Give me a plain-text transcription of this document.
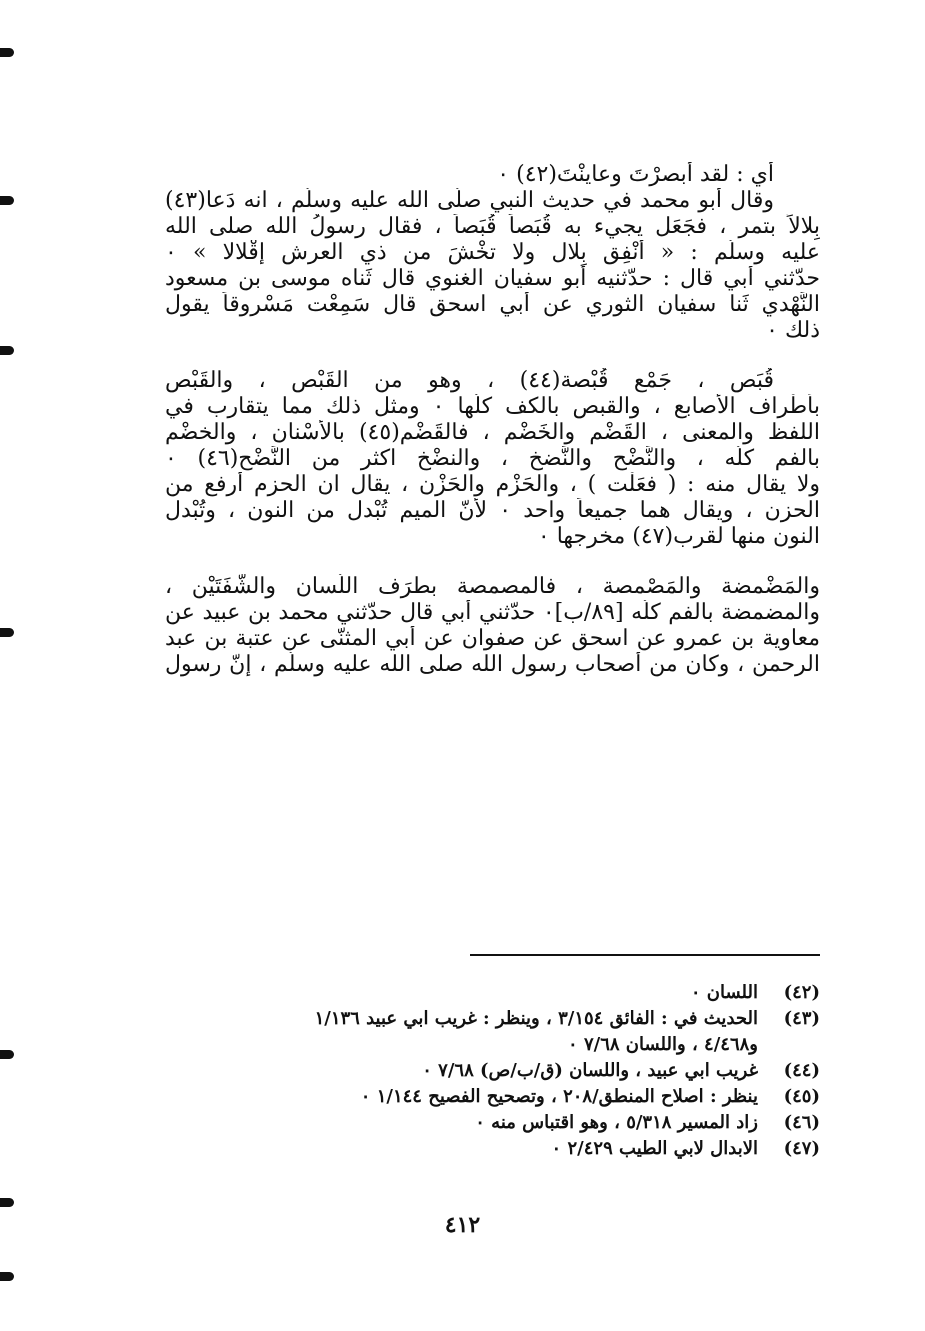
أي : لقد أبصرْتَ وعاينْتَ(٤٢) ٠
وقال أبو محمد في حديث النبي صلّى الله عليه وسلّم ، انه دَعا(٤٣)
بِلالاً بتمر ، فجَعَل يجيء به قُبَصاً قُبَصاً ، فقال رسولُ الله صلى الله
عليه وسلّم : « أنْفِق بِلال ولا تخْشَ من ذي العرش إقْلالا » ٠
حدّثني أبي قال : حدّثنيه أبو سفيان الغنوي قال ثَناه موسى بن مسعود
النَّهْدي ثَنا سفيان الثوري عن أبي اسحق قال سَمِعْت مَسْروقاً يقول
ذلك ٠
قُبَص ، جَمْع قُبْصة(٤٤) ، وهو من القَبْص ، والقَبْص
بأطْراف الأصابع ، والقبص بالكف كلّها ٠ ومثل ذلك مما يتقارب في
اللفظ والمعنى ، القَضْم والخَضْم ، فالقَضْم(٤٥) بالأسْنان ، والخضْم
بالفم كلّه ، والنَّضْح والنَّضخ ، والنضْخ اكثر من النَّضْح(٤٦) ٠
ولا يقال منه : ( فعَلْت ) ، والحَزْم والحَزْن ، يقال ان الحزم أرفع من
الحزن ، ويقال هما جميعاً واحد ٠ لأنّ الميم تُبْدل من النون ، وتُبْدل
النون منها لقرب(٤٧) مخرجها ٠
والمَضْمضة والمَصْمصة ، فالمصمصة بطرَف اللّسان والشَّفَتَيْن ،
والمضمضة بالفم كلّه [٨٩/ب]٠ حدّثني أبي قال حدّثني محمد بن عبيد عن
معاوية بن عمرو عن اسحق عن صفوان عن أبي المثنّى عن عتبة بن عبد
الرحمن ، وكان من أصحاب رسول الله صلى الله عليه وسلّم ، إنّ رسول
(٤٢)
اللسان ٠
(٤٣)
الحديث في : الفائق ٣/١٥٤ ، وينظر : غريب ابي عبيد ١/١٣٦
و٤/٤٦٨ ، واللسان ٧/٦٨ ٠
(٤٤)
غريب ابي عبيد ، واللسان (ق/ب/ص) ٧/٦٨ ٠
(٤٥)
ينظر : اصلاح المنطق/٢٠٨ ، وتصحيح الفصيح ١/١٤٤ ٠
(٤٦)
زاد المسير ٥/٣١٨ ، وهو اقتباس منه ٠
(٤٧)
الابدال لابي الطيب ٢/٤٢٩ ٠
٤١٢
